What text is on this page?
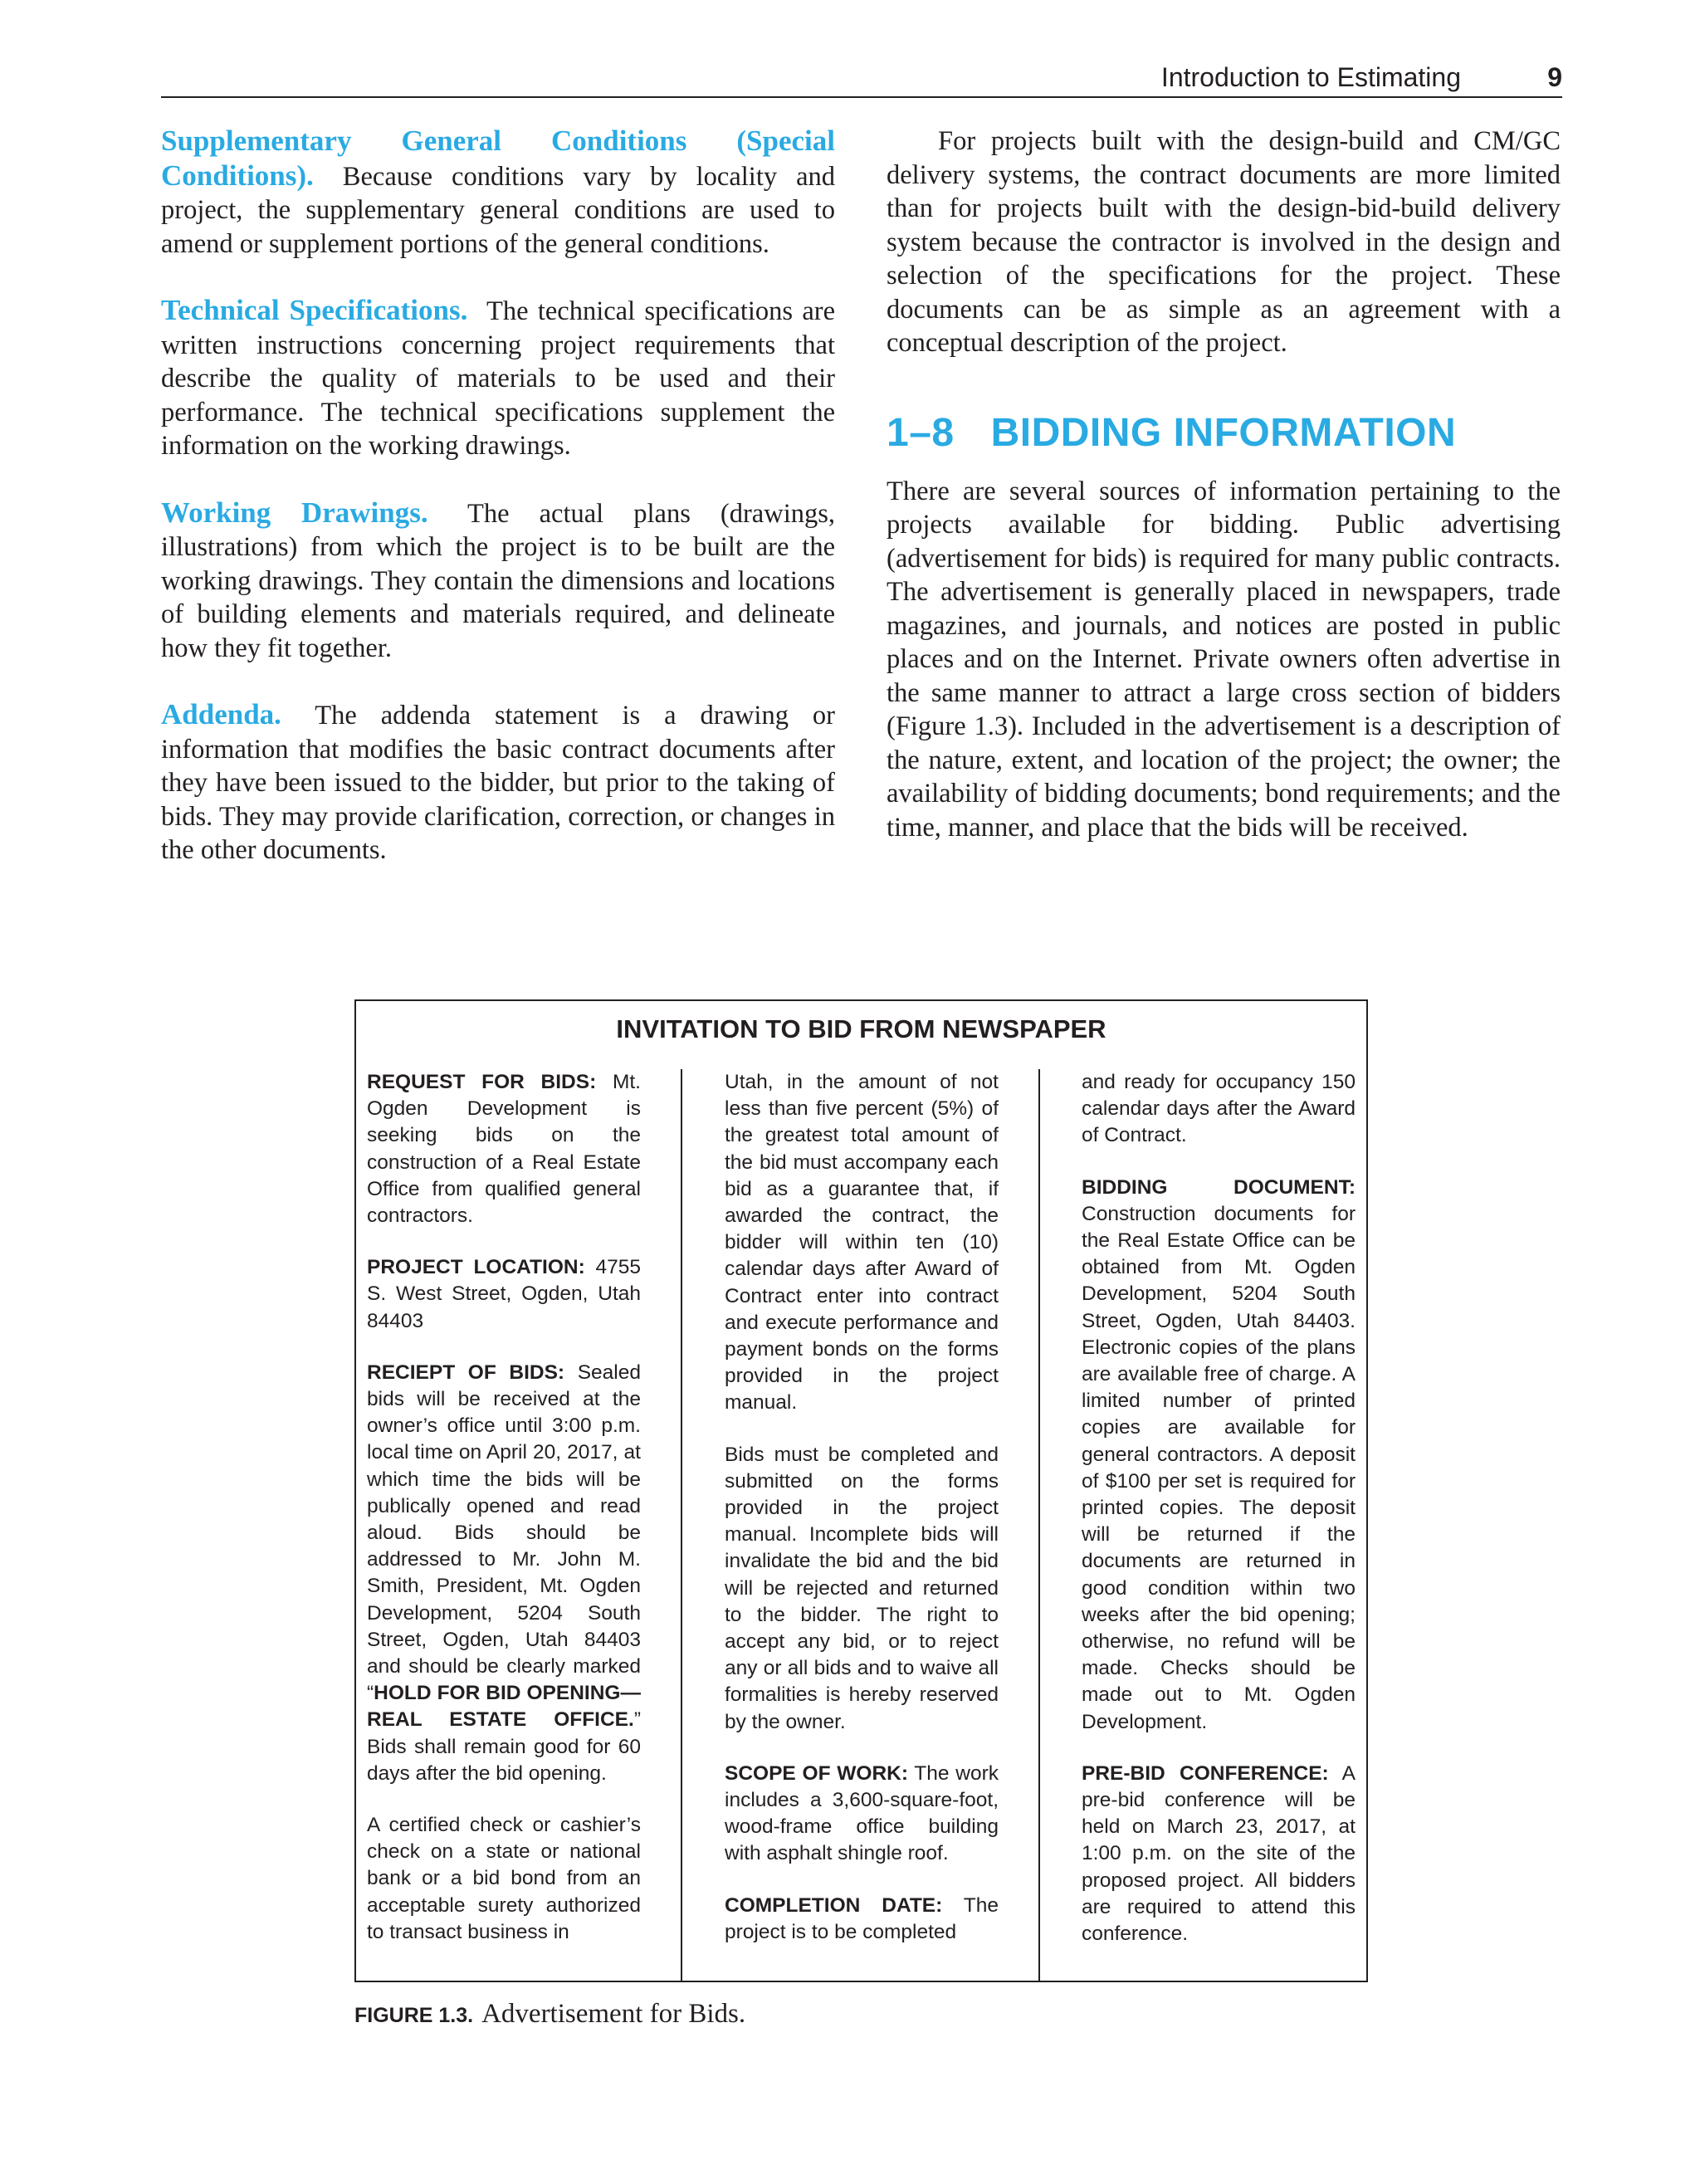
Introduction to Estimating	9

Supplementary General Conditions (Special Conditions). Because conditions vary by locality and project, the supplementary general conditions are used to amend or supplement portions of the general conditions.

Technical Specifications. The technical specifications are written instructions concerning project requirements that describe the quality of materials to be used and their performance. The technical specifications supplement the information on the working drawings.

Working Drawings. The actual plans (drawings, illustrations) from which the project is to be built are the working drawings. They contain the dimensions and locations of building elements and materials required, and delineate how they fit together.

Addenda. The addenda statement is a drawing or information that modifies the basic contract documents after they have been issued to the bidder, but prior to the taking of bids. They may provide clarification, correction, or changes in the other documents.

For projects built with the design-build and CM/GC delivery systems, the contract documents are more limited than for projects built with the design-bid-build delivery system because the contractor is involved in the design and selection of the specifications for the project. These documents can be as simple as an agreement with a conceptual description of the project.

1–8 BIDDING INFORMATION

There are several sources of information pertaining to the projects available for bidding. Public advertising (advertisement for bids) is required for many public contracts. The advertisement is generally placed in newspapers, trade magazines, and journals, and notices are posted in public places and on the Internet. Private owners often advertise in the same manner to attract a large cross section of bidders (Figure 1.3). Included in the advertisement is a description of the nature, extent, and location of the project; the owner; the availability of bidding documents; bond requirements; and the time, manner, and place that the bids will be received.

INVITATION TO BID FROM NEWSPAPER

REQUEST FOR BIDS: Mt. Ogden Development is seeking bids on the construction of a Real Estate Office from qualified general contractors.

PROJECT LOCATION: 4755 S. West Street, Ogden, Utah 84403

RECIEPT OF BIDS: Sealed bids will be received at the owner’s office until 3:00 p.m. local time on April 20, 2017, at which time the bids will be publically opened and read aloud. Bids should be addressed to Mr. John M. Smith, President, Mt. Ogden Development, 5204 South Street, Ogden, Utah 84403 and should be clearly marked “HOLD FOR BID OPENING—REAL ESTATE OFFICE.” Bids shall remain good for 60 days after the bid opening.

A certified check or cashier’s check on a state or national bank or a bid bond from an acceptable surety authorized to transact business in

Utah, in the amount of not less than five percent (5%) of the greatest total amount of the bid must accompany each bid as a guarantee that, if awarded the contract, the bidder will within ten (10) calendar days after Award of Contract enter into contract and execute performance and payment bonds on the forms provided in the project manual.

Bids must be completed and submitted on the forms provided in the project manual. Incomplete bids will invalidate the bid and the bid will be rejected and returned to the bidder. The right to accept any bid, or to reject any or all bids and to waive all formalities is hereby reserved by the owner.

SCOPE OF WORK: The work includes a 3,600-square-foot, wood-frame office building with asphalt shingle roof.

COMPLETION DATE: The project is to be completed

and ready for occupancy 150 calendar days after the Award of Contract.

BIDDING DOCUMENT: Construction documents for the Real Estate Office can be obtained from Mt. Ogden Development, 5204 South Street, Ogden, Utah 84403. Electronic copies of the plans are available free of charge. A limited number of printed copies are available for general contractors. A deposit of $100 per set is required for printed copies. The deposit will be returned if the documents are returned in good condition within two weeks after the bid opening; otherwise, no refund will be made. Checks should be made out to Mt. Ogden Development.

PRE-BID CONFERENCE: A pre-bid conference will be held on March 23, 2017, at 1:00 p.m. on the site of the proposed project. All bidders are required to attend this conference.

FIGURE 1.3. Advertisement for Bids.
